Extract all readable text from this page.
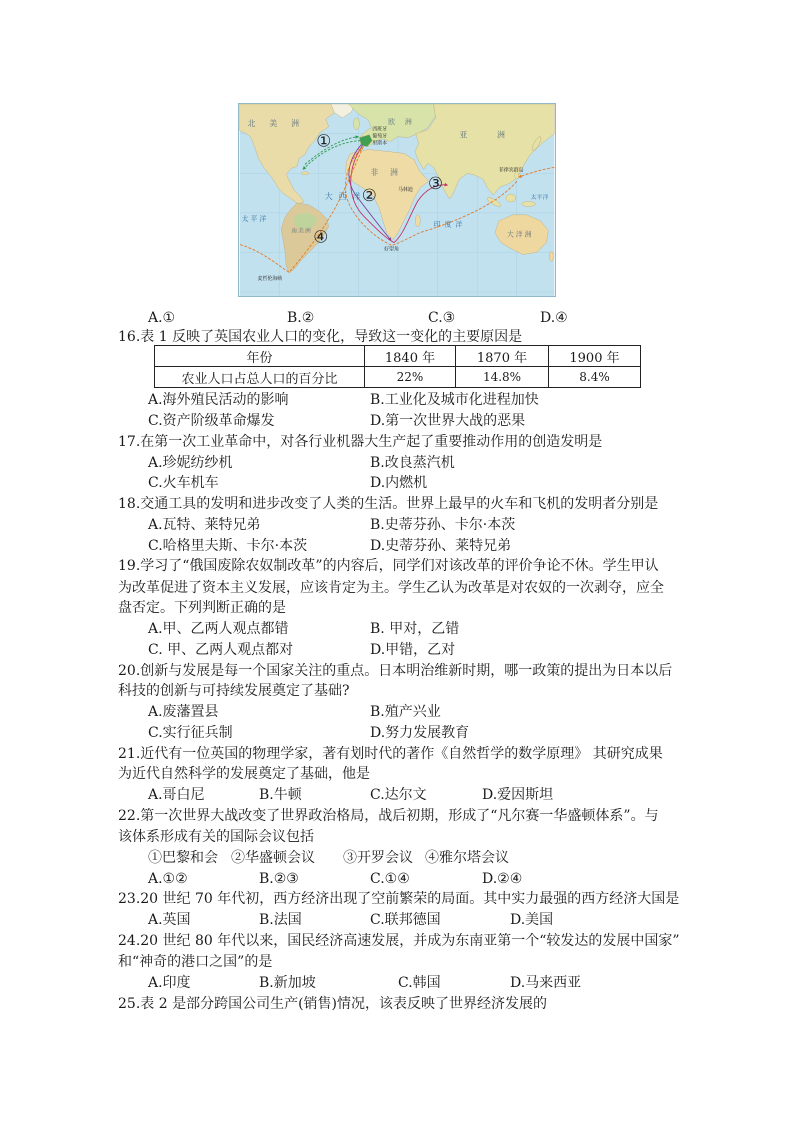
北美洲
南美洲
欧洲
非洲
亚洲
大洋洲
大西洋
太平洋
太平洋
印度洋
西班牙
葡萄牙
里斯本
马林迪
好望角
菲律宾群岛
麦哲伦海峡
①
②
③
④
A.①	B.②	C.③	D.④
16.表 1 反映了英国农业人口的变化，导致这一变化的主要原因是
年份	1840 年	1870 年	1900 年
农业人口占总人口的百分比	22%	14.8%	8.4%
A.海外殖民活动的影响	B.工业化及城市化进程加快
C.资产阶级革命爆发	D.第一次世界大战的恶果
17.在第一次工业革命中，对各行业机器大生产起了重要推动作用的创造发明是
A.珍妮纺纱机	B.改良蒸汽机
C.火车机车	D.内燃机
18.交通工具的发明和进步改变了人类的生活。世界上最早的火车和飞机的发明者分别是
A.瓦特、莱特兄弟	B.史蒂芬孙、卡尔·本茨
C.哈格里夫斯、卡尔·本茨	D.史蒂芬孙、莱特兄弟
19.学习了“俄国废除农奴制改革”的内容后，同学们对该改革的评价争论不休。学生甲认
为改革促进了资本主义发展，应该肯定为主。学生乙认为改革是对农奴的一次剥夺，应全
盘否定。下列判断正确的是
A.甲、乙两人观点都错	B. 甲对，乙错
C. 甲、乙两人观点都对	D.甲错，乙对
20.创新与发展是每一个国家关注的重点。日本明治维新时期，哪一政策的提出为日本以后
科技的创新与可持续发展奠定了基础?
A.废藩置县	B.殖产兴业
C.实行征兵制	D.努力发展教育
21.近代有一位英国的物理学家，著有划时代的著作《自然哲学的数学原理》 其研究成果
为近代自然科学的发展奠定了基础，他是
A.哥白尼	B.牛顿	C.达尔文	D.爱因斯坦
22.第一次世界大战改变了世界政治格局，战后初期，形成了“凡尔赛一华盛顿体系”。与
该体系形成有关的国际会议包括
①巴黎和会 ②华盛顿会议 ③开罗会议 ④雅尔塔会议
A.①②	B.②③	C.①④	D.②④
23.20 世纪 70 年代初，西方经济出现了空前繁荣的局面。其中实力最强的西方经济大国是
A.英国	B.法国	C.联邦德国	D.美国
24.20 世纪 80 年代以来，国民经济高速发展，并成为东南亚第一个“较发达的发展中国家”
和“神奇的港口之国”的是
A.印度	B.新加坡	C.韩国	D.马来西亚
25.表 2 是部分跨国公司生产(销售)情况，该表反映了世界经济发展的
